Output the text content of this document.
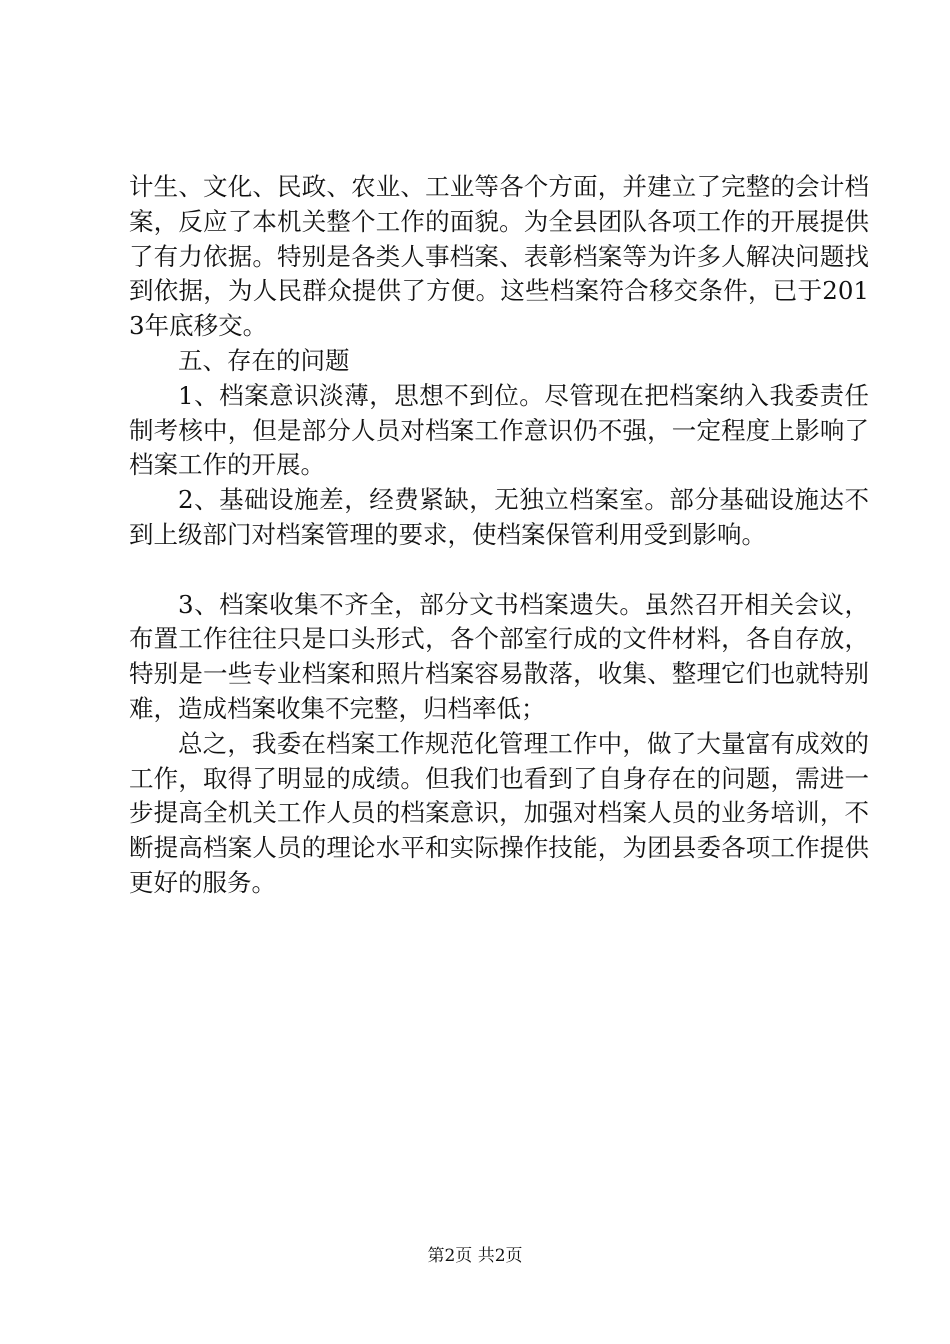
计生、文化、民政、农业、工业等各个方面，并建立了完整的会计档案，反应了本机关整个工作的面貌。为全县团队各项工作的开展提供了有力依据。特别是各类人事档案、表彰档案等为许多人解决问题找到依据，为人民群众提供了方便。这些档案符合移交条件，已于2013年底移交。

五、存在的问题

1、档案意识淡薄，思想不到位。尽管现在把档案纳入我委责任制考核中，但是部分人员对档案工作意识仍不强，一定程度上影响了档案工作的开展。

2、基础设施差，经费紧缺，无独立档案室。部分基础设施达不到上级部门对档案管理的要求，使档案保管利用受到影响。

3、档案收集不齐全，部分文书档案遗失。虽然召开相关会议，布置工作往往只是口头形式，各个部室行成的文件材料，各自存放，特别是一些专业档案和照片档案容易散落，收集、整理它们也就特别难，造成档案收集不完整，归档率低；

总之，我委在档案工作规范化管理工作中，做了大量富有成效的工作，取得了明显的成绩。但我们也看到了自身存在的问题，需进一步提高全机关工作人员的档案意识，加强对档案人员的业务培训，不断提高档案人员的理论水平和实际操作技能，为团县委各项工作提供更好的服务。

第2页 共2页
